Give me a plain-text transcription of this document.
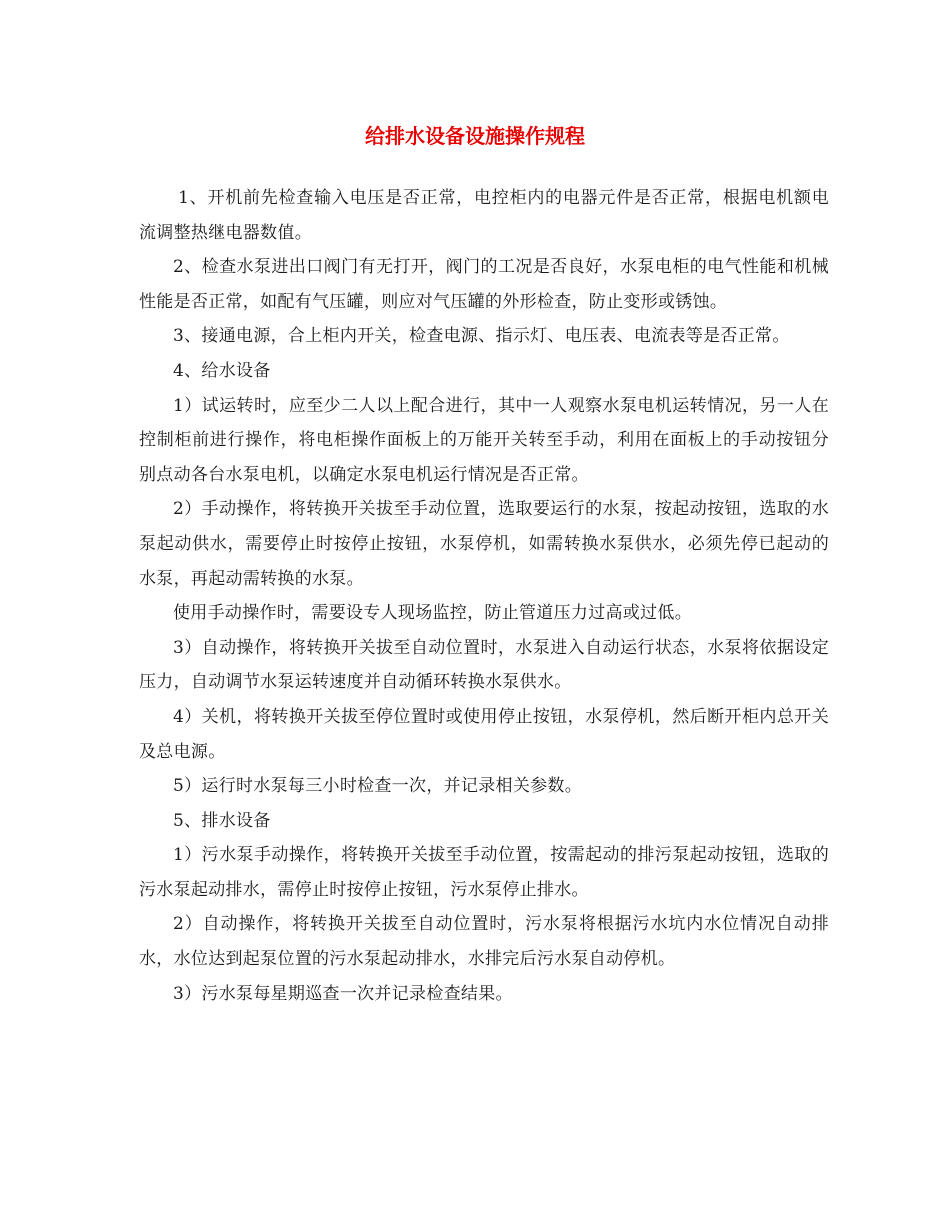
给排水设备设施操作规程

1、开机前先检查输入电压是否正常，电控柜内的电器元件是否正常，根据电机额电流调整热继电器数值。

2、检查水泵进出口阀门有无打开，阀门的工况是否良好，水泵电柜的电气性能和机械性能是否正常，如配有气压罐，则应对气压罐的外形检查，防止变形或锈蚀。

3、接通电源，合上柜内开关，检查电源、指示灯、电压表、电流表等是否正常。

4、给水设备

1）试运转时，应至少二人以上配合进行，其中一人观察水泵电机运转情况，另一人在控制柜前进行操作，将电柜操作面板上的万能开关转至手动，利用在面板上的手动按钮分别点动各台水泵电机，以确定水泵电机运行情况是否正常。

2）手动操作，将转换开关拔至手动位置，选取要运行的水泵，按起动按钮，选取的水泵起动供水，需要停止时按停止按钮，水泵停机，如需转换水泵供水，必须先停已起动的水泵，再起动需转换的水泵。

使用手动操作时，需要设专人现场监控，防止管道压力过高或过低。

3）自动操作，将转换开关拔至自动位置时，水泵进入自动运行状态，水泵将依据设定压力，自动调节水泵运转速度并自动循环转换水泵供水。

4）关机，将转换开关拔至停位置时或使用停止按钮，水泵停机，然后断开柜内总开关及总电源。

5）运行时水泵每三小时检查一次，并记录相关参数。

5、排水设备

1）污水泵手动操作，将转换开关拔至手动位置，按需起动的排污泵起动按钮，选取的污水泵起动排水，需停止时按停止按钮，污水泵停止排水。

2）自动操作，将转换开关拔至自动位置时，污水泵将根据污水坑内水位情况自动排水，水位达到起泵位置的污水泵起动排水，水排完后污水泵自动停机。

3）污水泵每星期巡查一次并记录检查结果。
